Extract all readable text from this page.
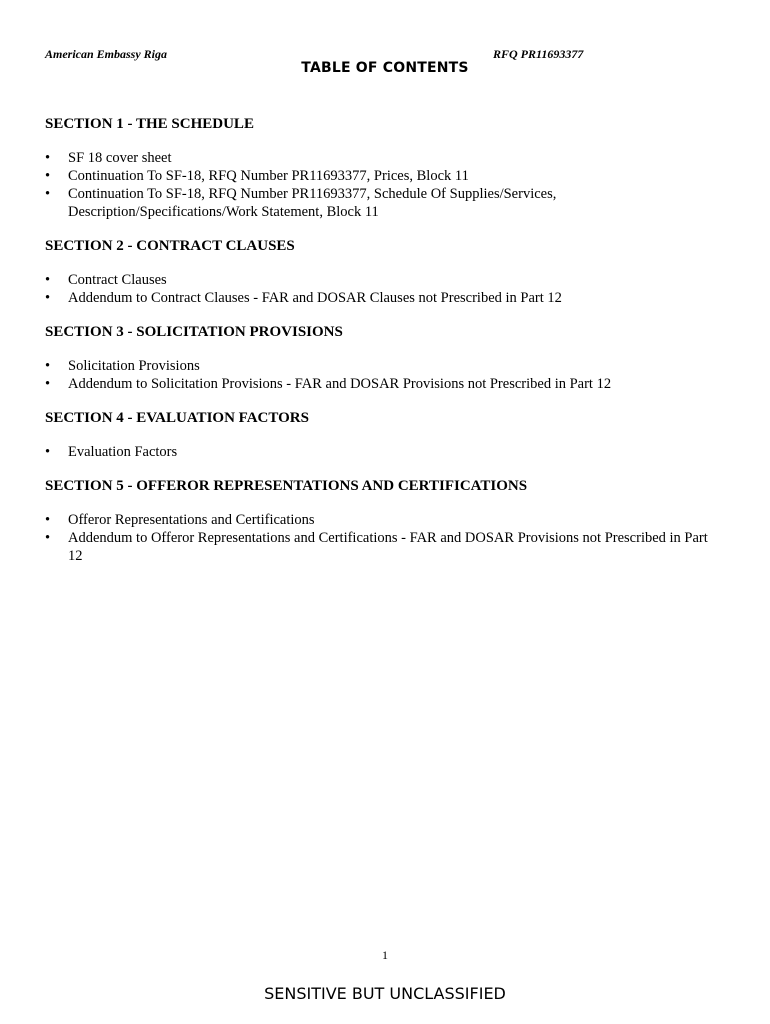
American Embassy Riga	RFQ PR11693377
TABLE OF CONTENTS
SECTION 1 - THE SCHEDULE
• SF 18 cover sheet
• Continuation To SF-18, RFQ Number PR11693377, Prices, Block 11
• Continuation To SF-18, RFQ Number PR11693377, Schedule Of Supplies/Services, Description/Specifications/Work Statement, Block 11
SECTION 2 - CONTRACT CLAUSES
• Contract Clauses
• Addendum to Contract Clauses - FAR and DOSAR Clauses not Prescribed in Part 12
SECTION 3 - SOLICITATION PROVISIONS
• Solicitation Provisions
• Addendum to Solicitation Provisions - FAR and DOSAR Provisions not Prescribed in Part 12
SECTION 4 - EVALUATION FACTORS
• Evaluation Factors
SECTION 5 - OFFEROR REPRESENTATIONS AND CERTIFICATIONS
• Offeror Representations and Certifications
• Addendum to Offeror Representations and Certifications - FAR and DOSAR Provisions not Prescribed in Part 12
1
SENSITIVE BUT UNCLASSIFIED
